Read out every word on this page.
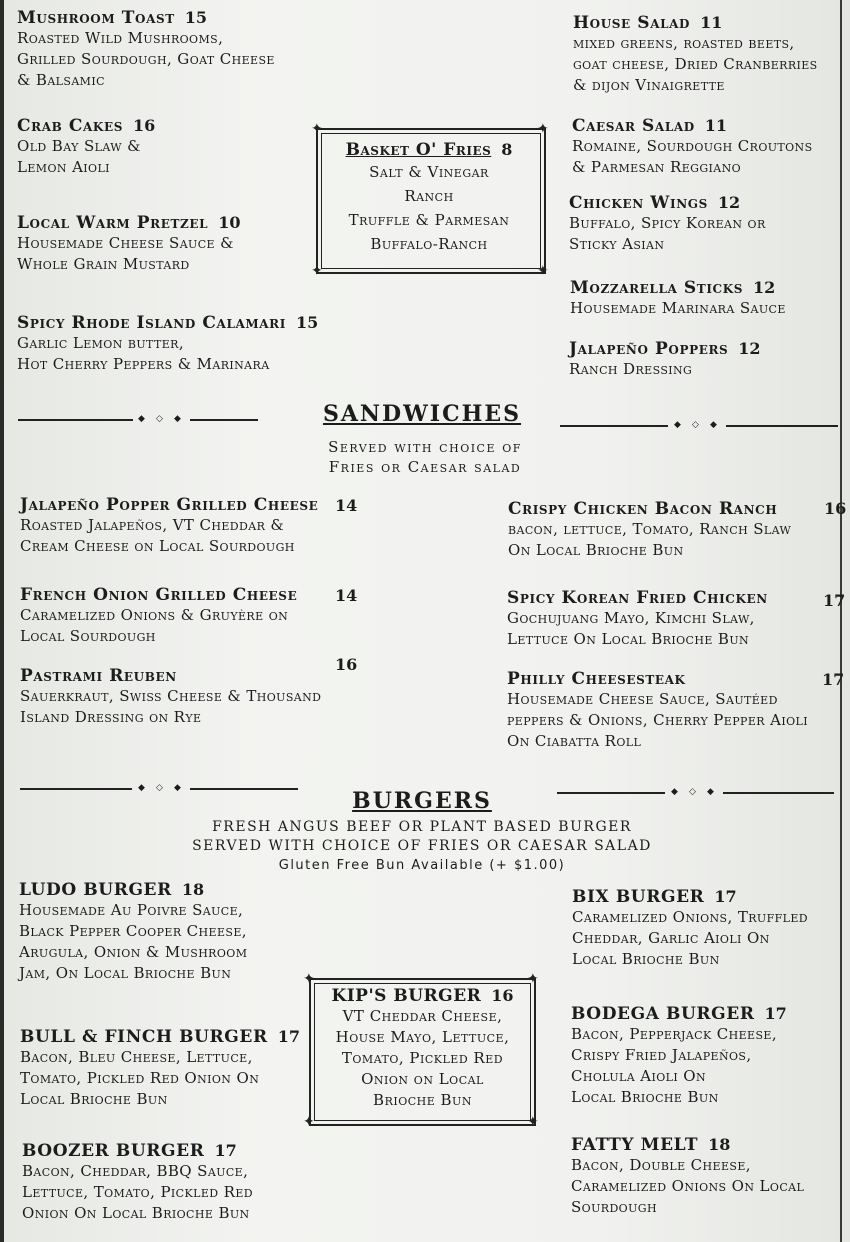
Mushroom Toast 15
Roasted Wild Mushrooms,
Grilled Sourdough, Goat Cheese
& Balsamic
Crab Cakes 16
Old Bay Slaw &
Lemon Aioli
Local Warm Pretzel 10
Housemade Cheese Sauce &
Whole Grain Mustard
Spicy Rhode Island Calamari 15
Garlic Lemon butter,
Hot Cherry Peppers & Marinara
✦	✦
✦	✦
Basket O' Fries 8
Salt & Vinegar
Ranch
Truffle & Parmesan
Buffalo-Ranch
House Salad 11
mixed greens, roasted beets,
goat cheese, Dried Cranberries
& dijon Vinaigrette
Caesar Salad 11
Romaine, Sourdough Croutons
& Parmesan Reggiano
Chicken Wings 12
Buffalo, Spicy Korean or
Sticky Asian
Mozzarella Sticks 12
Housemade Marinara Sauce
Jalapeño Poppers 12
Ranch Dressing
◆ ◇ ◆
◆ ◇ ◆
SANDWICHES
Served with choice of
Fries or Caesar salad
Jalapeño Popper Grilled Cheese
Roasted Jalapeños, VT Cheddar &
Cream Cheese on Local Sourdough
14
French Onion Grilled Cheese
Caramelized Onions & Gruyère on
Local Sourdough
14
Pastrami Reuben
Sauerkraut, Swiss Cheese & Thousand
Island Dressing on Rye
16
Crispy Chicken Bacon Ranch
bacon, lettuce, Tomato, Ranch Slaw
On Local Brioche Bun
16
Spicy Korean Fried Chicken
Gochujuang Mayo, Kimchi Slaw,
Lettuce On Local Brioche Bun
17
Philly Cheesesteak
Housemade Cheese Sauce, Sautéed
peppers & Onions, Cherry Pepper Aioli
On Ciabatta Roll
17
◆ ◇ ◆	◆ ◇ ◆
BURGERS
FRESH ANGUS BEEF OR PLANT BASED BURGER
SERVED WITH CHOICE OF FRIES OR CAESAR SALAD
Gluten Free Bun Available (+ $1.00)
LUDO BURGER 18
Housemade Au Poivre Sauce,
Black Pepper Cooper Cheese,
Arugula, Onion & Mushroom
Jam, On Local Brioche Bun
BULL & FINCH BURGER 17
Bacon, Bleu Cheese, Lettuce,
Tomato, Pickled Red Onion On
Local Brioche Bun
BOOZER BURGER 17
Bacon, Cheddar, BBQ Sauce,
Lettuce, Tomato, Pickled Red
Onion On Local Brioche Bun
✦	✦
✦	✦
KIP'S BURGER 16
VT Cheddar Cheese,
House Mayo, Lettuce,
Tomato, Pickled Red
Onion on Local
Brioche Bun
BIX BURGER 17
Caramelized Onions, Truffled
Cheddar, Garlic Aioli On
Local Brioche Bun
BODEGA BURGER 17
Bacon, Pepperjack Cheese,
Crispy Fried Jalapeños,
Cholula Aioli On
Local Brioche Bun
FATTY MELT 18
Bacon, Double Cheese,
Caramelized Onions On Local
Sourdough
